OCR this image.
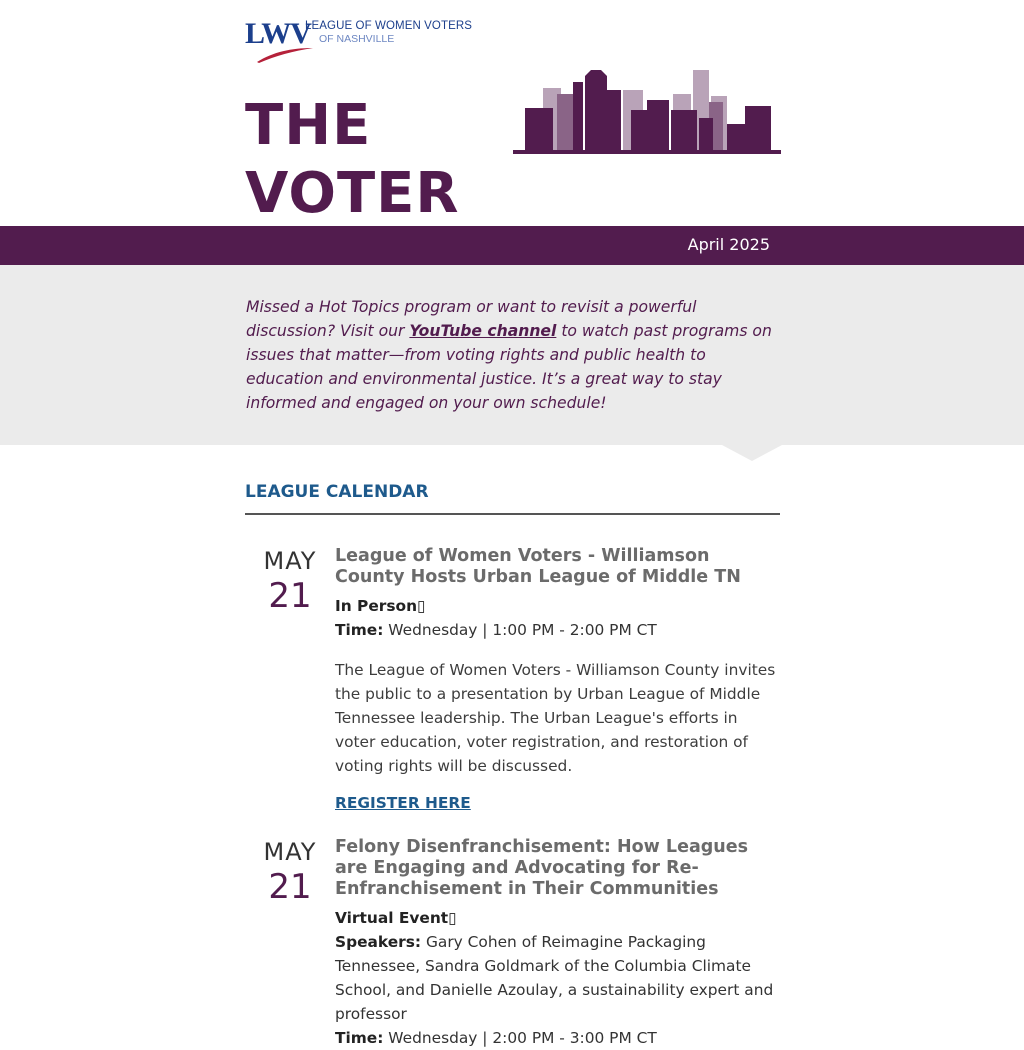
LWV
LEAGUE OF WOMEN VOTERS
OF NASHVILLE
THE
VOTER
April 2025

Missed a Hot Topics program or want to revisit a powerful discussion? Visit our YouTube channel to watch past programs on issues that matter—from voting rights and public health to education and environmental justice. It’s a great way to stay informed and engaged on your own schedule!

LEAGUE CALENDAR
MAY
21
League of Women Voters - Williamson County Hosts Urban League of Middle TN
In Person▯
Time: Wednesday | 1:00 PM - 2:00 PM CT
The League of Women Voters - Williamson County invites the public to a presentation by Urban League of Middle Tennessee leadership. The Urban League's efforts in voter education, voter registration, and restoration of voting rights will be discussed.
REGISTER HERE
MAY
21
Felony Disenfranchisement: How Leagues are Engaging and Advocating for Re-Enfranchisement in Their Communities
Virtual Event▯
Speakers: Gary Cohen of Reimagine Packaging Tennessee, Sandra Goldmark of the Columbia Climate School, and Danielle Azoulay, a sustainability expert and professor
Time: Wednesday | 2:00 PM - 3:00 PM CT
